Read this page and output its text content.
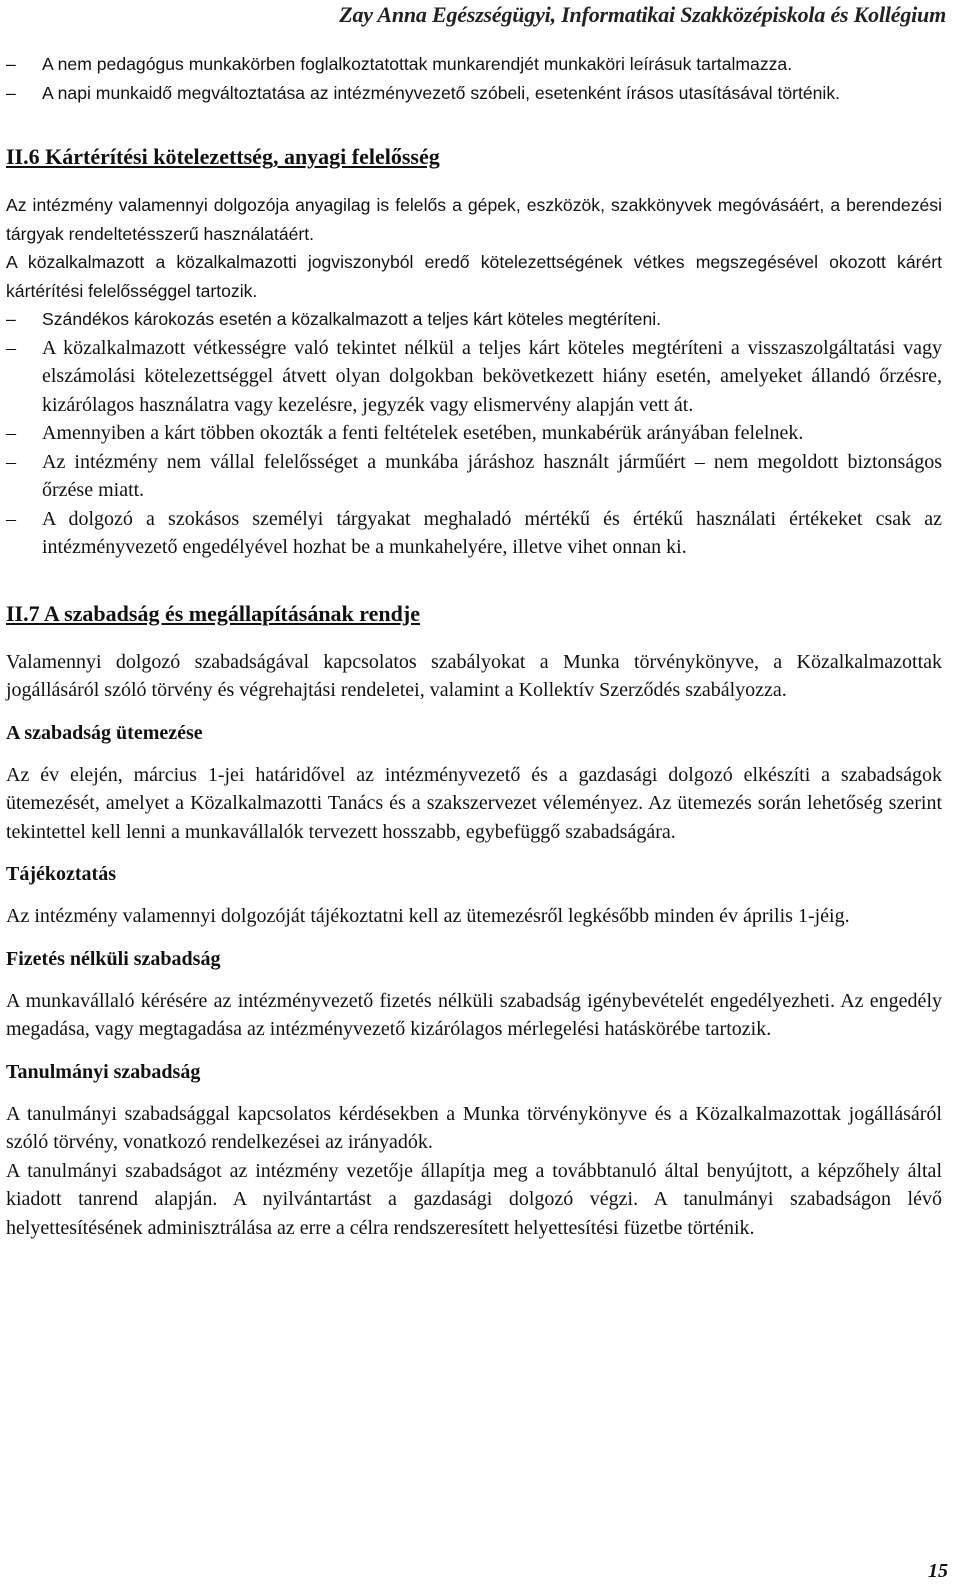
Zay Anna Egészségügyi, Informatikai Szakközépiskola és Kollégium
–	A nem pedagógus munkakörben foglalkoztatottak munkarendjét munkaköri leírásuk tartalmazza.
–	A napi munkaidő megváltoztatása az intézményvezető szóbeli, esetenként írásos utasításával történik.
II.6 Kártérítési kötelezettség, anyagi felelősség

Az intézmény valamennyi dolgozója anyagilag is felelős a gépek, eszközök, szakkönyvek megóvásáért, a berendezési tárgyak rendeltetésszerű használatáért.

A közalkalmazott a közalkalmazotti jogviszonyból eredő kötelezettségének vétkes megszegésével okozott kárért kártérítési felelősséggel tartozik.

–	Szándékos károkozás esetén a közalkalmazott a teljes kárt köteles megtéríteni.
–	A közalkalmazott vétkességre való tekintet nélkül a teljes kárt köteles megtéríteni a visszaszolgáltatási vagy elszámolási kötelezettséggel átvett olyan dolgokban bekövetkezett hiány esetén, amelyeket állandó őrzésre, kizárólagos használatra vagy kezelésre, jegyzék vagy elismervény alapján vett át.
–	Amennyiben a kárt többen okozták a fenti feltételek esetében, munkabérük arányában felelnek.
–	Az intézmény nem vállal felelősséget a munkába járáshoz használt járműért – nem megoldott biztonságos őrzése miatt.
–	A dolgozó a szokásos személyi tárgyakat meghaladó mértékű és értékű használati értékeket csak az intézményvezető engedélyével hozhat be a munkahelyére, illetve vihet onnan ki.
II.7 A szabadság és megállapításának rendje

Valamennyi dolgozó szabadságával kapcsolatos szabályokat a Munka törvénykönyve, a Közalkalmazottak jogállásáról szóló törvény és végrehajtási rendeletei, valamint a Kollektív Szerződés szabályozza.

A szabadság ütemezése

Az év elején, március 1-jei határidővel az intézményvezető és a gazdasági dolgozó elkészíti a szabadságok ütemezését, amelyet a Közalkalmazotti Tanács és a szakszervezet véleményez. Az ütemezés során lehetőség szerint tekintettel kell lenni a munkavállalók tervezett hosszabb, egybefüggő szabadságára.

Tájékoztatás

Az intézmény valamennyi dolgozóját tájékoztatni kell az ütemezésről legkésőbb minden év április 1-jéig.

Fizetés nélküli szabadság

A munkavállaló kérésére az intézményvezető fizetés nélküli szabadság igénybevételét engedélyezheti. Az engedély megadása, vagy megtagadása az intézményvezető kizárólagos mérlegelési hatáskörébe tartozik.

Tanulmányi szabadság

A tanulmányi szabadsággal kapcsolatos kérdésekben a Munka törvénykönyve és a Közalkalmazottak jogállásáról szóló törvény, vonatkozó rendelkezései az irányadók.

A tanulmányi szabadságot az intézmény vezetője állapítja meg a továbbtanuló által benyújtott, a képzőhely által kiadott tanrend alapján. A nyilvántartást a gazdasági dolgozó végzi. A tanulmányi szabadságon lévő helyettesítésének adminisztrálása az erre a célra rendszeresített helyettesítési füzetbe történik.

15
